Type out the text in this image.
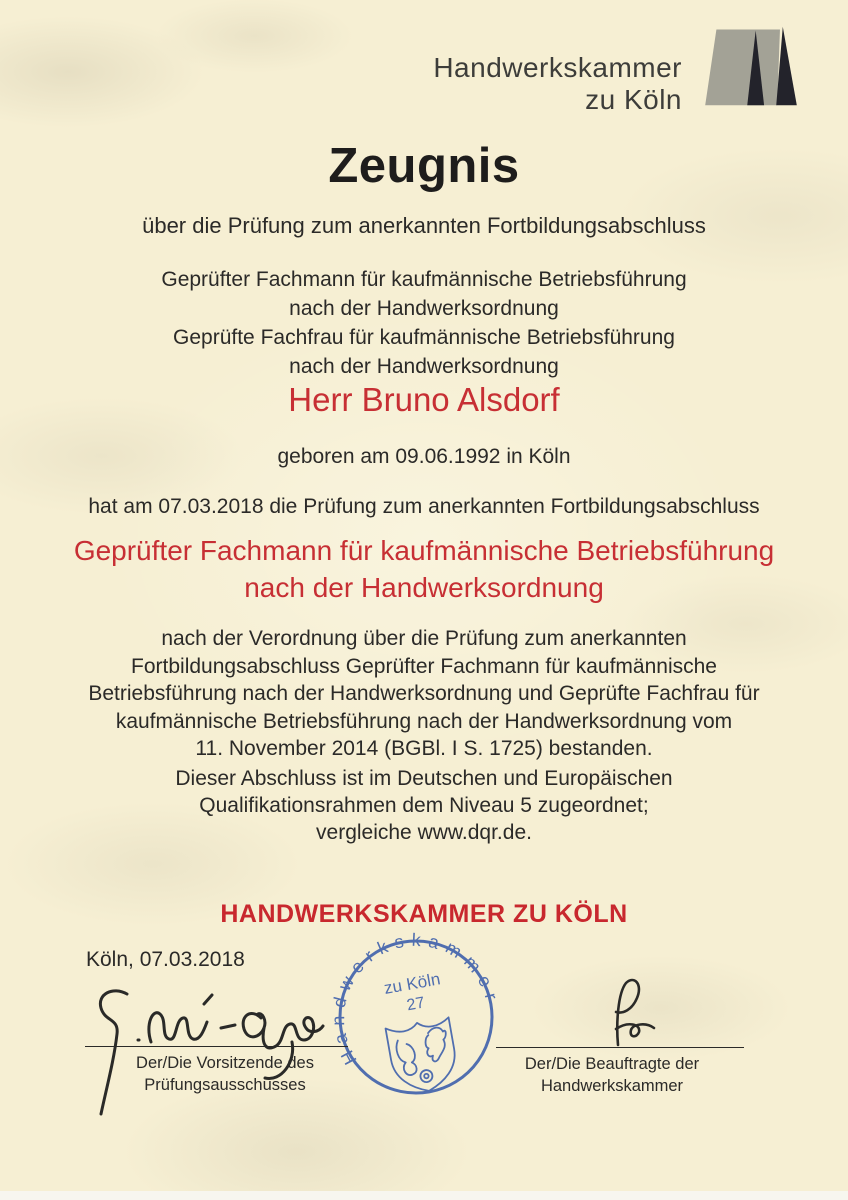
Handwerkskammer
zu Köln
Zeugnis
über die Prüfung zum anerkannten Fortbildungsabschluss
Geprüfter Fachmann für kaufmännische Betriebsführung
nach der Handwerksordnung
Geprüfte Fachfrau für kaufmännische Betriebsführung
nach der Handwerksordnung
Herr Bruno Alsdorf
geboren am 09.06.1992 in Köln
hat am 07.03.2018 die Prüfung zum anerkannten Fortbildungsabschluss
Geprüfter Fachmann für kaufmännische Betriebsführung
nach der Handwerksordnung
nach der Verordnung über die Prüfung zum anerkannten
Fortbildungsabschluss Geprüfter Fachmann für kaufmännische
Betriebsführung nach der Handwerksordnung und Geprüfte Fachfrau für
kaufmännische Betriebsführung nach der Handwerksordnung vom
11. November 2014 (BGBl. I S. 1725) bestanden.
Dieser Abschluss ist im Deutschen und Europäischen
Qualifikationsrahmen dem Niveau 5 zugeordnet;
vergleiche www.dqr.de.
HANDWERKSKAMMER ZU KÖLN
Köln, 07.03.2018
Handwerkskammer
zu Köln
27
Der/Die Vorsitzende des
Prüfungsausschusses
Der/Die Beauftragte der
Handwerkskammer
